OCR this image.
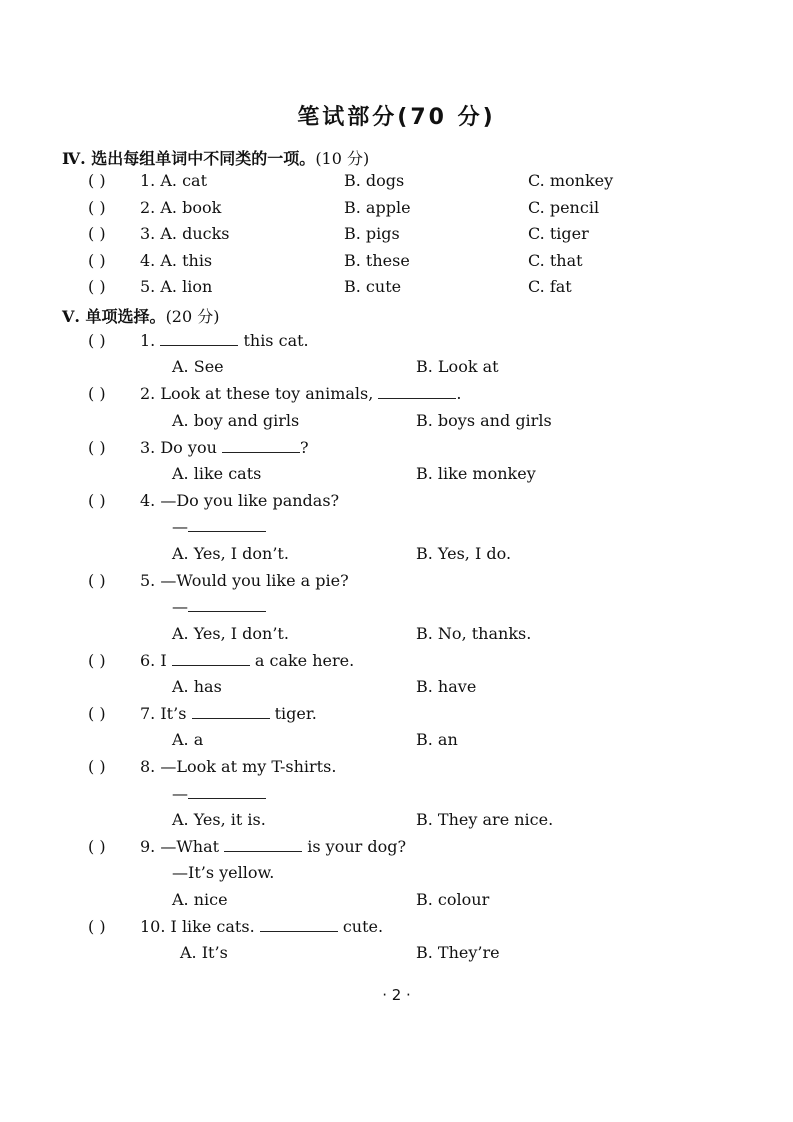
笔试部分(70 分)
Ⅳ. 选出每组单词中不同类的一项。(10 分)
( ) 1. A. cat	B. dogs	C. monkey
( ) 2. A. book	B. apple	C. pencil
( ) 3. A. ducks	B. pigs	C. tiger
( ) 4. A. this	B. these	C. that
( ) 5. A. lion	B. cute	C. fat
Ⅴ. 单项选择。(20 分)
( ) 1.	this cat.
A. See	B. Look at
( ) 2. Look at these toy animals,	.
A. boy and girls	B. boys and girls
( ) 3. Do you	?
A. like cats	B. like monkey
( ) 4. —Do you like pandas?
—
A. Yes, I don’t.	B. Yes, I do.
( ) 5. —Would you like a pie?
—
A. Yes, I don’t.	B. No, thanks.
( ) 6. I	a cake here.
A. has	B. have
( ) 7. It’s	tiger.
A. a	B. an
( ) 8. —Look at my T-shirts.
—
A. Yes, it is.	B. They are nice.
( ) 9. —What	is your dog?
—It’s yellow.
A. nice	B. colour
( ) 10. I like cats.	cute.
A. It’s	B. They’re
· 2 ·
